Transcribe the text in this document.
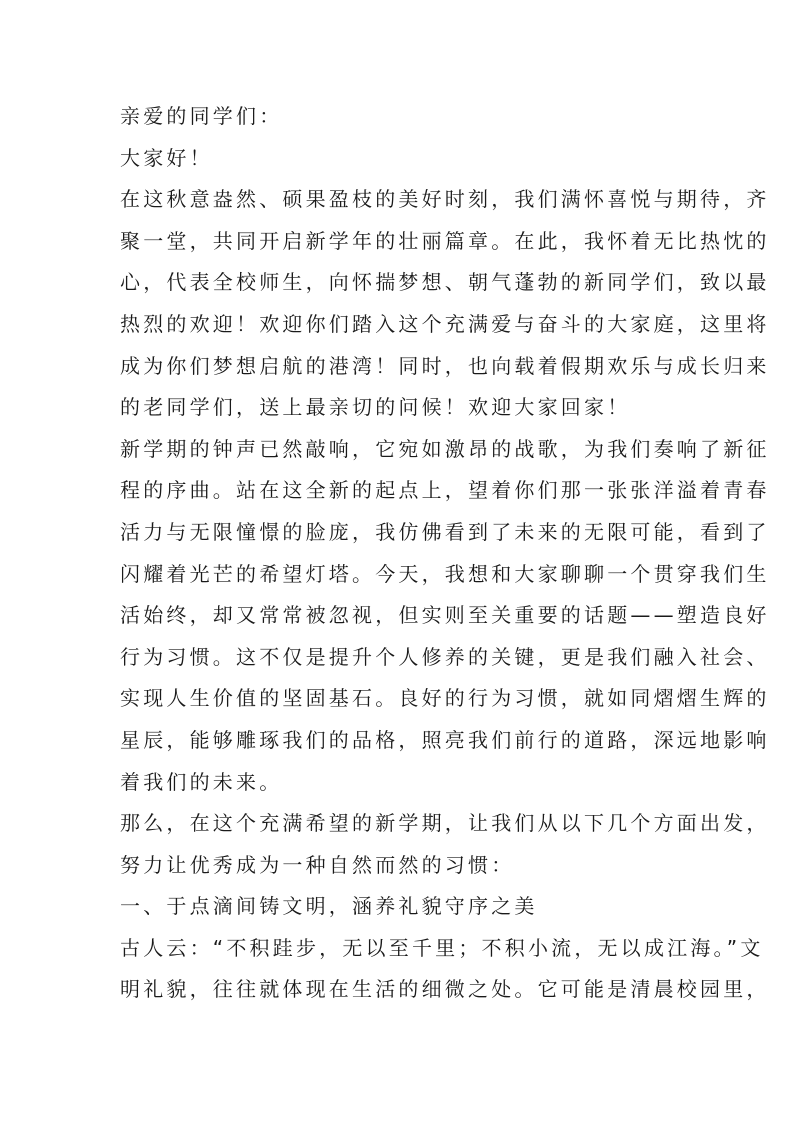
亲爱的同学们：
大家好！
在这秋意盎然、硕果盈枝的美好时刻，我们满怀喜悦与期待，齐
聚一堂，共同开启新学年的壮丽篇章。在此，我怀着无比热忱的
心，代表全校师生，向怀揣梦想、朝气蓬勃的新同学们，致以最
热烈的欢迎！欢迎你们踏入这个充满爱与奋斗的大家庭，这里将
成为你们梦想启航的港湾！同时，也向载着假期欢乐与成长归来
的老同学们，送上最亲切的问候！欢迎大家回家！
新学期的钟声已然敲响，它宛如激昂的战歌，为我们奏响了新征
程的序曲。站在这全新的起点上，望着你们那一张张洋溢着青春
活力与无限憧憬的脸庞，我仿佛看到了未来的无限可能，看到了
闪耀着光芒的希望灯塔。今天，我想和大家聊聊一个贯穿我们生
活始终，却又常常被忽视，但实则至关重要的话题——塑造良好
行为习惯。这不仅是提升个人修养的关键，更是我们融入社会、
实现人生价值的坚固基石。良好的行为习惯，就如同熠熠生辉的
星辰，能够雕琢我们的品格，照亮我们前行的道路，深远地影响
着我们的未来。
那么，在这个充满希望的新学期，让我们从以下几个方面出发，
努力让优秀成为一种自然而然的习惯：
一、于点滴间铸文明，涵养礼貌守序之美
古人云：“不积跬步，无以至千里；不积小流，无以成江海。”文
明礼貌，往往就体现在生活的细微之处。它可能是清晨校园里，
